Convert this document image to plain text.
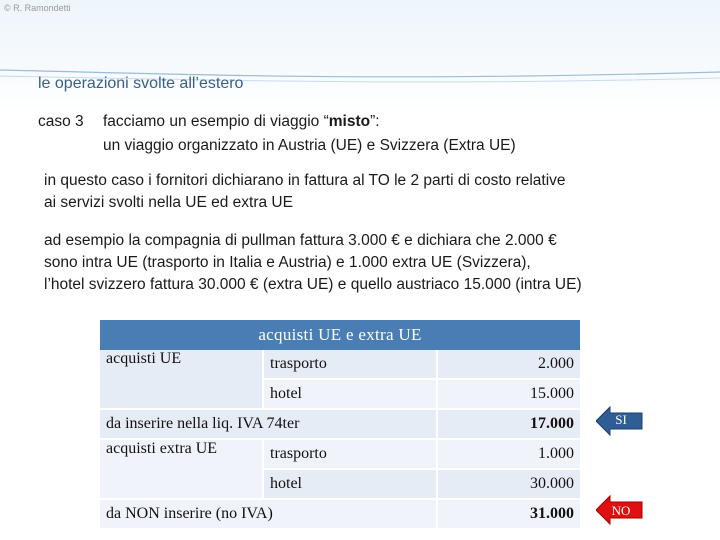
© R. Ramondetti
le operazioni svolte all’estero
caso 3 facciamo un esempio di viaggio “misto”:
un viaggio organizzato in Austria (UE) e Svizzera (Extra UE)
in questo caso i fornitori dichiarano in fattura al TO le 2 parti di costo relative
ai servizi svolti nella UE ed extra UE
ad esempio la compagnia di pullman fattura 3.000 € e dichiara che 2.000 €
sono intra UE (trasporto in Italia e Austria) e 1.000 extra UE (Svizzera),
l’hotel svizzero fattura 30.000 € (extra UE) e quello austriaco 15.000 (intra UE)
acquisti UE e extra UE		
acquisti UE	trasporto	2.000
	hotel	15.000
da inserire nella liq. IVA 74ter		17.000
acquisti extra UE	trasporto	1.000
	hotel	30.000
da NON inserire (no IVA)		31.000
SI
NO
